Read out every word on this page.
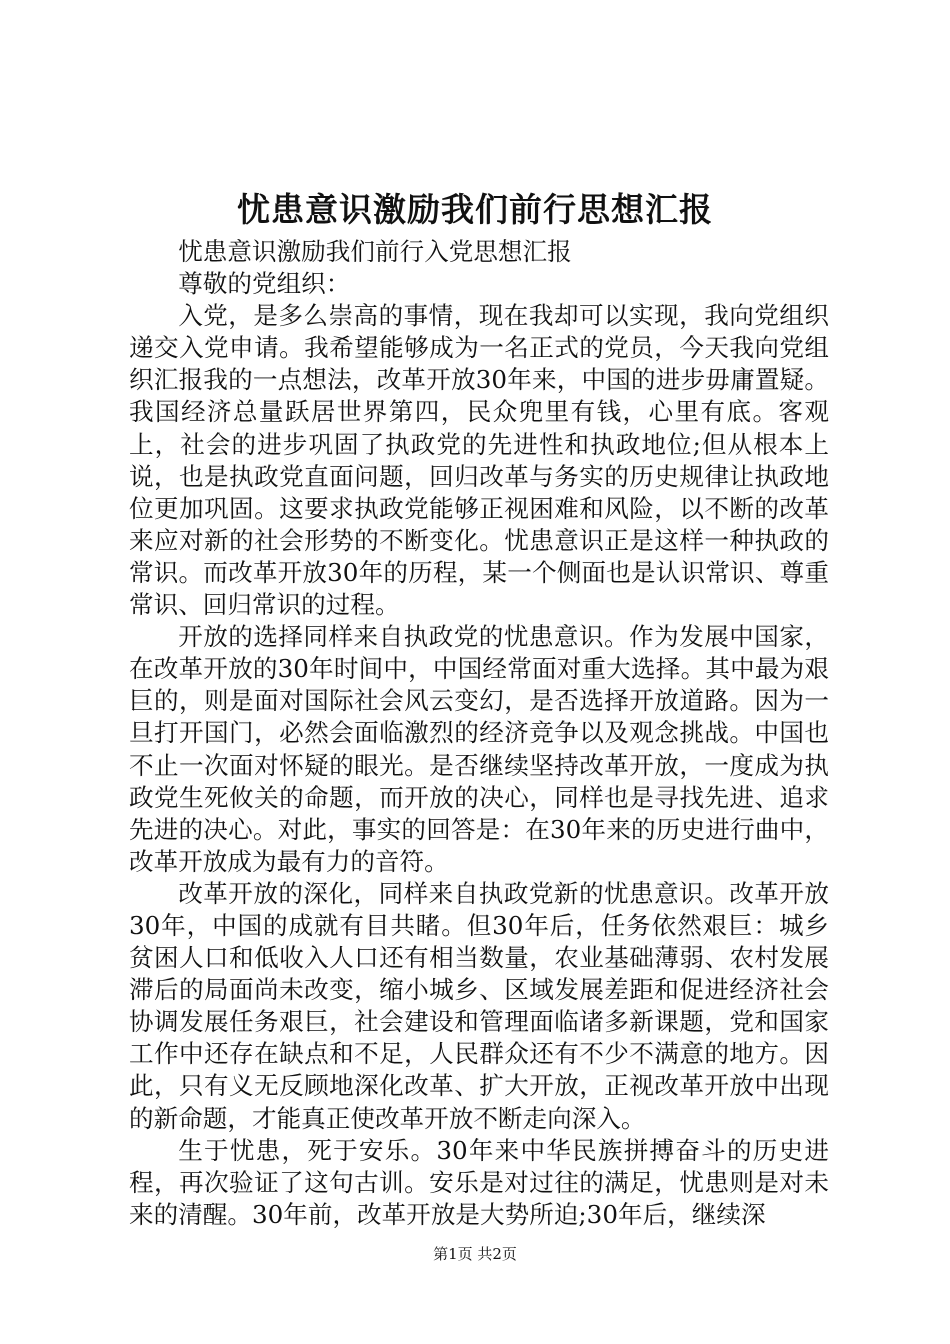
忧患意识激励我们前行思想汇报

忧患意识激励我们前行入党思想汇报

尊敬的党组织：

入党，是多么崇高的事情，现在我却可以实现，我向党组织递交入党申请。我希望能够成为一名正式的党员，今天我向党组织汇报我的一点想法，改革开放30年来，中国的进步毋庸置疑。我国经济总量跃居世界第四，民众兜里有钱，心里有底。客观上，社会的进步巩固了执政党的先进性和执政地位;但从根本上说，也是执政党直面问题，回归改革与务实的历史规律让执政地位更加巩固。这要求执政党能够正视困难和风险，以不断的改革来应对新的社会形势的不断变化。忧患意识正是这样一种执政的常识。而改革开放30年的历程，某一个侧面也是认识常识、尊重常识、回归常识的过程。

开放的选择同样来自执政党的忧患意识。作为发展中国家，在改革开放的30年时间中，中国经常面对重大选择。其中最为艰巨的，则是面对国际社会风云变幻，是否选择开放道路。因为一旦打开国门，必然会面临激烈的经济竞争以及观念挑战。中国也不止一次面对怀疑的眼光。是否继续坚持改革开放，一度成为执政党生死攸关的命题，而开放的决心，同样也是寻找先进、追求先进的决心。对此，事实的回答是：在30年来的历史进行曲中，改革开放成为最有力的音符。

改革开放的深化，同样来自执政党新的忧患意识。改革开放30年，中国的成就有目共睹。但30年后，任务依然艰巨：城乡贫困人口和低收入人口还有相当数量，农业基础薄弱、农村发展滞后的局面尚未改变，缩小城乡、区域发展差距和促进经济社会协调发展任务艰巨，社会建设和管理面临诸多新课题，党和国家工作中还存在缺点和不足，人民群众还有不少不满意的地方。因此，只有义无反顾地深化改革、扩大开放，正视改革开放中出现的新命题，才能真正使改革开放不断走向深入。

生于忧患，死于安乐。30年来中华民族拼搏奋斗的历史进程，再次验证了这句古训。安乐是对过往的满足，忧患则是对未来的清醒。30年前，改革开放是大势所迫;30年后，继续深

第1页 共2页
